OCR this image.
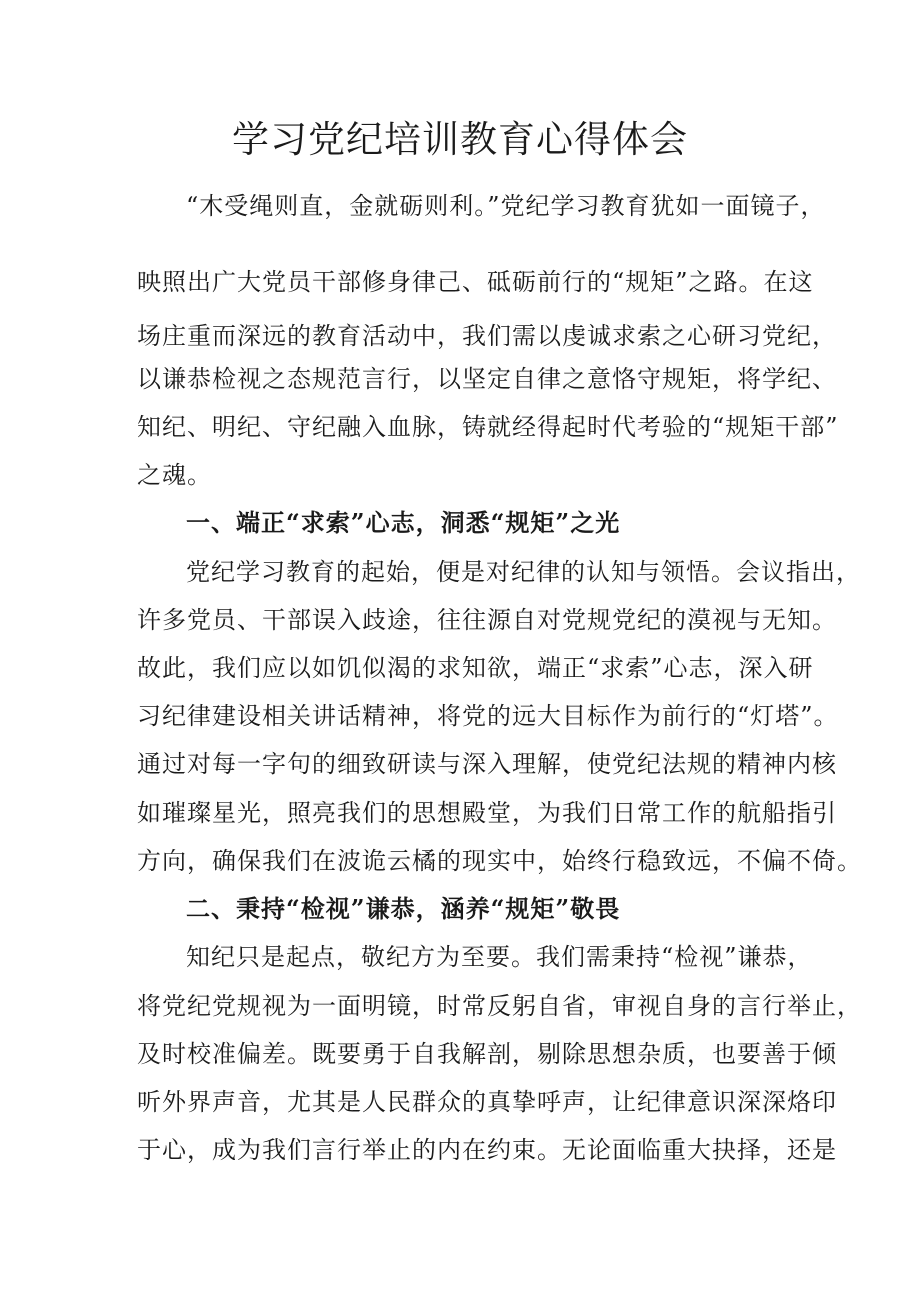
学习党纪培训教育心得体会
“木受绳则直，金就砺则利。”党纪学习教育犹如一面镜子，
映照出广大党员干部修身律己、砥砺前行的“规矩”之路。在这
场庄重而深远的教育活动中，我们需以虔诚求索之心研习党纪，
以谦恭检视之态规范言行，以坚定自律之意恪守规矩，将学纪、
知纪、明纪、守纪融入血脉，铸就经得起时代考验的“规矩干部”
之魂。
一、端正“求索”心志，洞悉“规矩”之光
党纪学习教育的起始，便是对纪律的认知与领悟。会议指出，
许多党员、干部误入歧途，往往源自对党规党纪的漠视与无知。
故此，我们应以如饥似渴的求知欲，端正“求索”心志，深入研
习纪律建设相关讲话精神，将党的远大目标作为前行的“灯塔”。
通过对每一字句的细致研读与深入理解，使党纪法规的精神内核
如璀璨星光，照亮我们的思想殿堂，为我们日常工作的航船指引
方向，确保我们在波诡云橘的现实中，始终行稳致远，不偏不倚。
二、秉持“检视”谦恭，涵养“规矩”敬畏
知纪只是起点，敬纪方为至要。我们需秉持“检视”谦恭，
将党纪党规视为一面明镜，时常反躬自省，审视自身的言行举止，
及时校准偏差。既要勇于自我解剖，剔除思想杂质，也要善于倾
听外界声音，尤其是人民群众的真挚呼声，让纪律意识深深烙印
于心，成为我们言行举止的内在约束。无论面临重大抉择，还是
